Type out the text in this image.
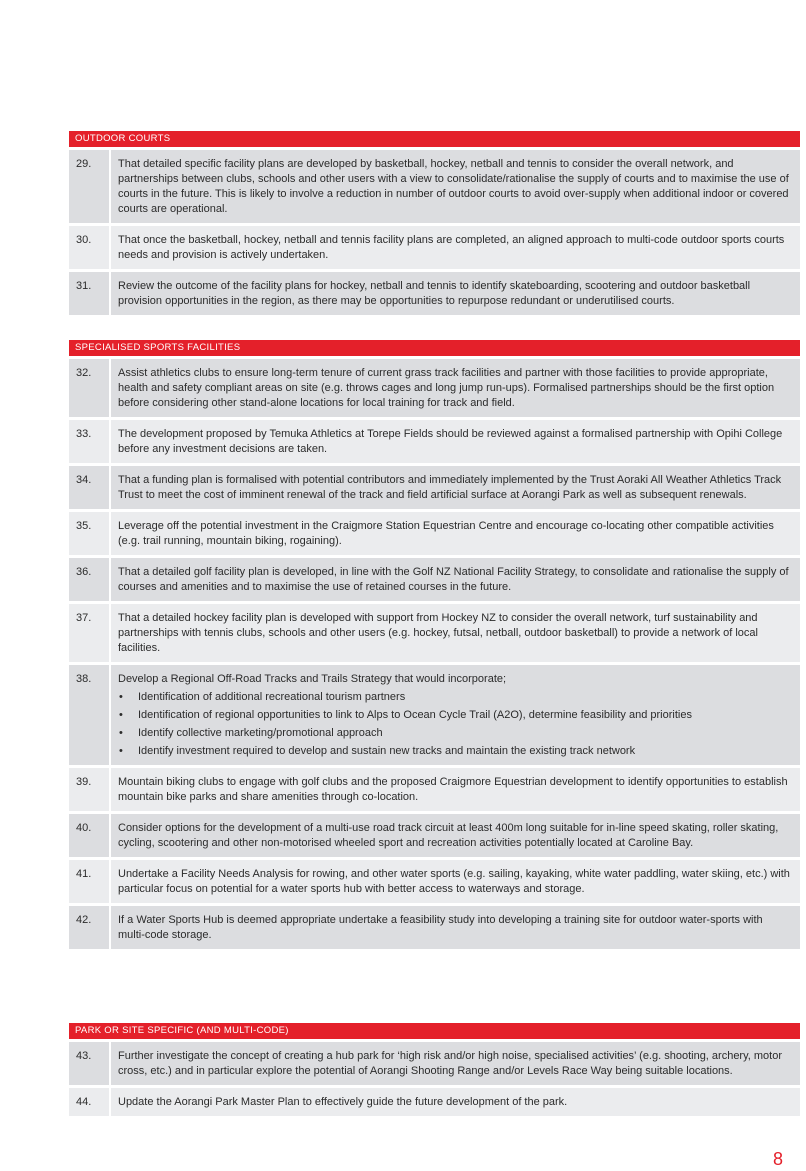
OUTDOOR COURTS
29.	That detailed specific facility plans are developed by basketball, hockey, netball and tennis to consider the overall network, and partnerships between clubs, schools and other users with a view to consolidate/rationalise the supply of courts and to maximise the use of courts in the future. This is likely to involve a reduction in number of outdoor courts to avoid over-supply when additional indoor or covered courts are operational.
30.	That once the basketball, hockey, netball and tennis facility plans are completed, an aligned approach to multi-code outdoor sports courts needs and provision is actively undertaken.
31.	Review the outcome of the facility plans for hockey, netball and tennis to identify skateboarding, scootering and outdoor basketball provision opportunities in the region, as there may be opportunities to repurpose redundant or underutilised courts.
SPECIALISED SPORTS FACILITIES
32.	Assist athletics clubs to ensure long-term tenure of current grass track facilities and partner with those facilities to provide appropriate, health and safety compliant areas on site (e.g. throws cages and long jump run-ups). Formalised partnerships should be the first option before considering other stand-alone locations for local training for track and field.
33.	The development proposed by Temuka Athletics at Torepe Fields should be reviewed against a formalised partnership with Opihi College before any investment decisions are taken.
34.	That a funding plan is formalised with potential contributors and immediately implemented by the Trust Aoraki All Weather Athletics Track Trust to meet the cost of imminent renewal of the track and field artificial surface at Aorangi Park as well as subsequent renewals.
35.	Leverage off the potential investment in the Craigmore Station Equestrian Centre and encourage co-locating other compatible activities (e.g. trail running, mountain biking, rogaining).
36.	That a detailed golf facility plan is developed, in line with the Golf NZ National Facility Strategy, to consolidate and rationalise the supply of courses and amenities and to maximise the use of retained courses in the future.
37.	That a detailed hockey facility plan is developed with support from Hockey NZ to consider the overall network, turf sustainability and partnerships with tennis clubs, schools and other users (e.g. hockey, futsal, netball, outdoor basketball) to provide a network of local facilities.
38.	Develop a Regional Off-Road Tracks and Trails Strategy that would incorporate;
• Identification of additional recreational tourism partners
• Identification of regional opportunities to link to Alps to Ocean Cycle Trail (A2O), determine feasibility and priorities
• Identify collective marketing/promotional approach
• Identify investment required to develop and sustain new tracks and maintain the existing track network
39.	Mountain biking clubs to engage with golf clubs and the proposed Craigmore Equestrian development to identify opportunities to establish mountain bike parks and share amenities through co-location.
40.	Consider options for the development of a multi-use road track circuit at least 400m long suitable for in-line speed skating, roller skating, cycling, scootering and other non-motorised wheeled sport and recreation activities potentially located at Caroline Bay.
41.	Undertake a Facility Needs Analysis for rowing, and other water sports (e.g. sailing, kayaking, white water paddling, water skiing, etc.) with particular focus on potential for a water sports hub with better access to waterways and storage.
42.	If a Water Sports Hub is deemed appropriate undertake a feasibility study into developing a training site for outdoor water-sports with multi-code storage.
PARK OR SITE SPECIFIC (AND MULTI-CODE)
43.	Further investigate the concept of creating a hub park for ‘high risk and/or high noise, specialised activities’ (e.g. shooting, archery, motor cross, etc.) and in particular explore the potential of Aorangi Shooting Range and/or Levels Race Way being suitable locations.
44.	Update the Aorangi Park Master Plan to effectively guide the future development of the park.
8
